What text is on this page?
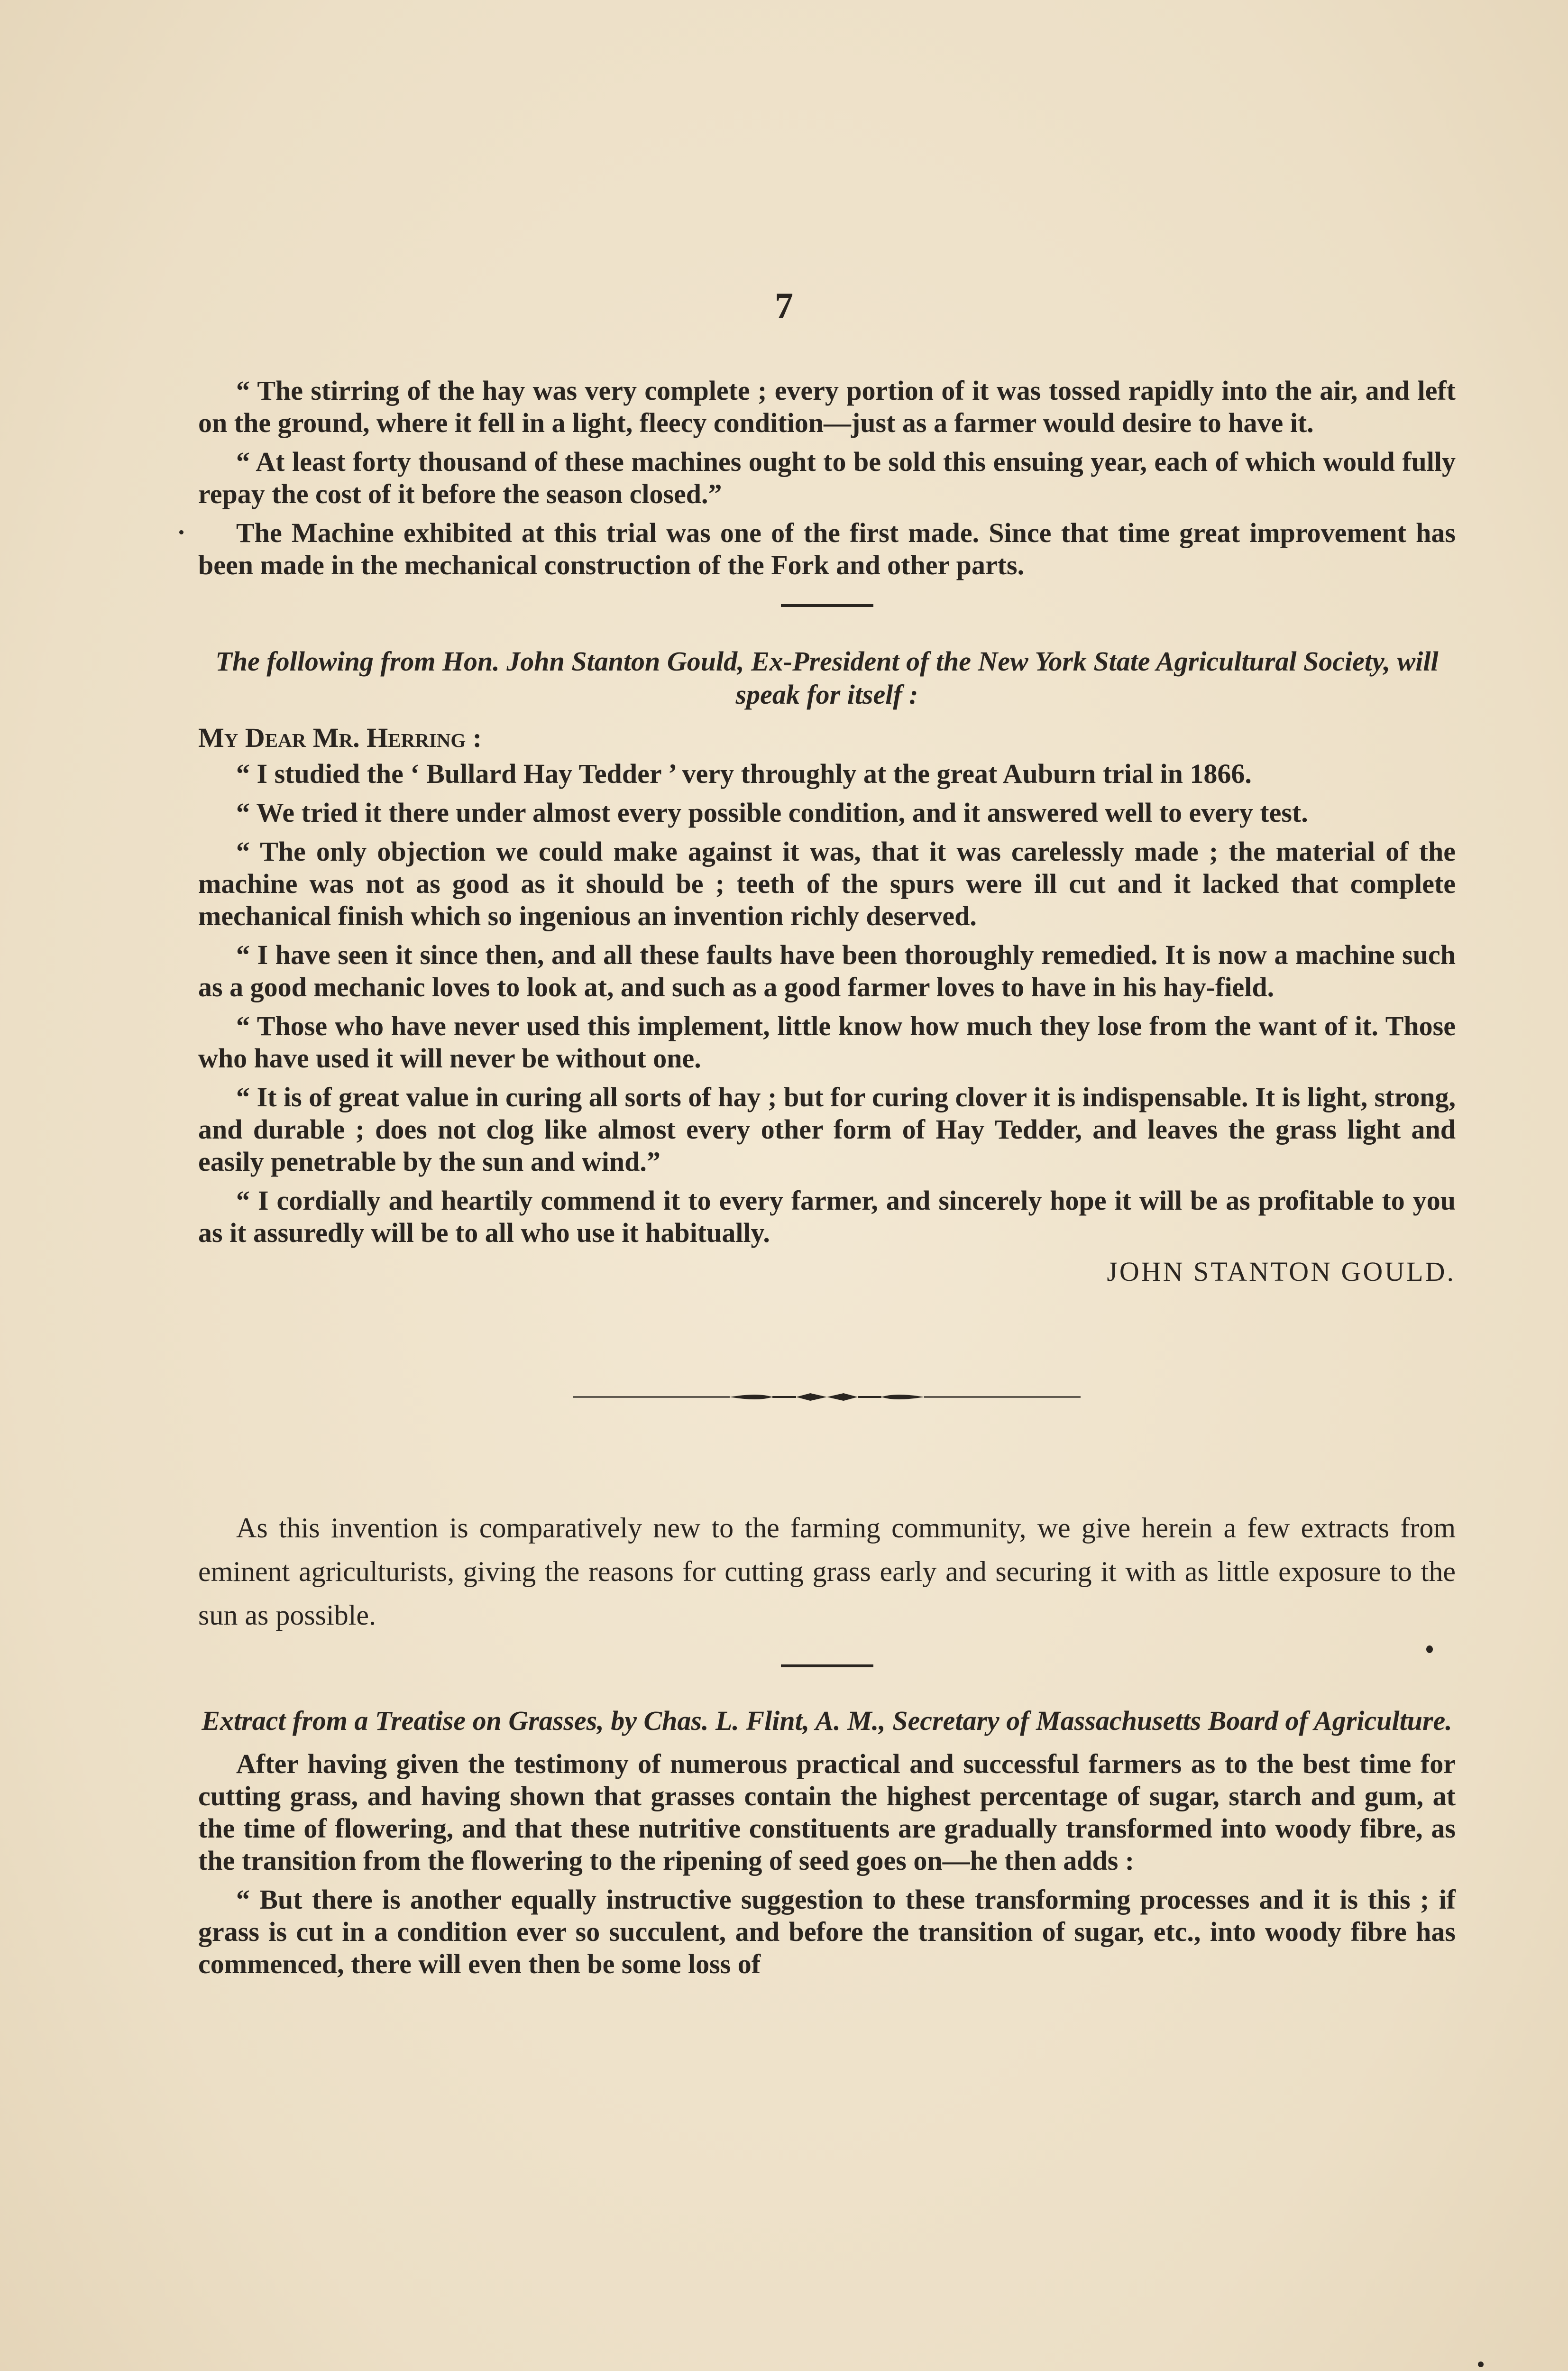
7

“ The stirring of the hay was very complete ; every portion of it was tossed rapidly into the air, and left on the ground, where it fell in a light, fleecy condition—just as a farmer would desire to have it.

“ At least forty thousand of these machines ought to be sold this ensuing year, each of which would fully repay the cost of it before the season closed.”

The Machine exhibited at this trial was one of the first made. Since that time great improvement has been made in the mechanical construction of the Fork and other parts.

The following from Hon. John Stanton Gould, Ex-President of the New York State Agricultural Society, will speak for itself :

My Dear Mr. Herring :

“ I studied the ‘ Bullard Hay Tedder ’ very throughly at the great Auburn trial in 1866.

“ We tried it there under almost every possible condition, and it answered well to every test.

“ The only objection we could make against it was, that it was carelessly made ; the material of the machine was not as good as it should be ; teeth of the spurs were ill cut and it lacked that complete mechanical finish which so ingenious an invention richly deserved.

“ I have seen it since then, and all these faults have been thoroughly remedied. It is now a machine such as a good mechanic loves to look at, and such as a good farmer loves to have in his hay-field.

“ Those who have never used this implement, little know how much they lose from the want of it. Those who have used it will never be without one.

“ It is of great value in curing all sorts of hay ; but for curing clover it is indispensable. It is light, strong, and durable ; does not clog like almost every other form of Hay Tedder, and leaves the grass light and easily penetrable by the sun and wind.”

“ I cordially and heartily commend it to every farmer, and sincerely hope it will be as profitable to you as it assuredly will be to all who use it habitually.

JOHN STANTON GOULD.

As this invention is comparatively new to the farming community, we give herein a few extracts from eminent agriculturists, giving the reasons for cutting grass early and securing it with as little exposure to the sun as possible.

Extract from a Treatise on Grasses, by Chas. L. Flint, A. M., Secretary of Massachusetts Board of Agriculture.

After having given the testimony of numerous practical and successful farmers as to the best time for cutting grass, and having shown that grasses contain the highest percentage of sugar, starch and gum, at the time of flowering, and that these nutritive constituents are gradually transformed into woody fibre, as the transition from the flowering to the ripening of seed goes on—he then adds :

“ But there is another equally instructive suggestion to these transforming processes and it is this ; if grass is cut in a condition ever so succulent, and before the transition of sugar, etc., into woody fibre has commenced, there will even then be some loss of
